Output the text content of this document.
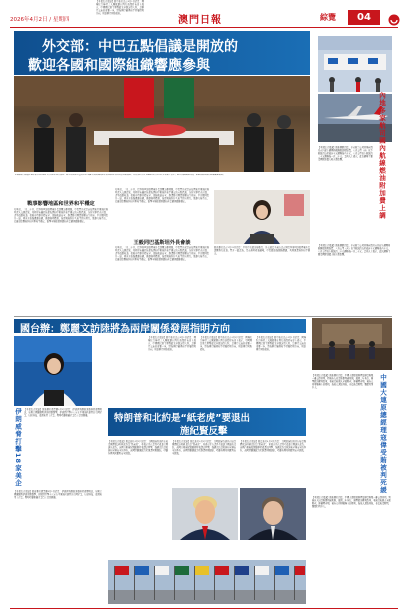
2026年4月2日 / 星期四	澳門日報	綜覽	04
外交部：中巴五點倡議是開放的
歡迎各國和國際組織響應參與
【本報綜合報道】據中新社北京4月1日及3月31日消息：針對中國和巴基斯坦發布關於恢復海灣和中東地區和平穩定的五點倡議，外交部發言人毛寧4月1日在例行記者會上表示，這份倡議是開放的，歡迎各國和國際組織響應參與。
戰事影響地區和世界和平穩定
王毅同巴基斯坦外長會談
毛寧說，三月二十日，巴基斯坦副總理兼外長達爾訪華期間，中巴雙方就當前海灣和中東地區局勢深入交換意見，共同發布關於恢復海灣和中東地區和平穩定的五點倡議，包括立即停火止戰、盡早啟動和談、保障非軍事目標安全、保障航道安全、維護聯合國憲章權威等內容。中方願同巴方一道，同各方加強溝通協調，推動局勢降溫，為實現地區持久和平作出努力。戰事久拖不決，已嚴重影響地區和世界和平穩定，衝擊全球能源供應和產業鏈供應鏈穩定。
毛寧說，三月二十日，巴基斯坦副總理兼外長達爾訪華期間，中巴雙方就當前海灣和中東地區局勢深入交換意見，共同發布關於恢復海灣和中東地區和平穩定的五點倡議，包括立即停火止戰、盡早啟動和談、保障非軍事目標安全、保障航道安全、維護聯合國憲章權威等內容。中方願同巴方一道，同各方加強溝通協調，推動局勢降溫，為實現地區持久和平作出努力。戰事久拖不決，已嚴重影響地區和世界和平穩定，衝擊全球能源供應和產業鏈供應鏈穩定。
毛寧說，三月二十日，巴基斯坦副總理兼外長達爾訪華期間，中巴雙方就當前海灣和中東地區局勢深入交換意見，共同發布關於恢復海灣和中東地區和平穩定的五點倡議，包括立即停火止戰、盡早啟動和談、保障非軍事目標安全、保障航道安全、維護聯合國憲章權威等內容。中方願同巴方一道，同各方加強溝通協調，推動局勢降溫，為實現地區持久和平作出努力。戰事久拖不決，已嚴重影響地區和世界和平穩定，衝擊全球能源供應和產業鏈供應鏈穩定。
據新華社北京3月31日消息：中共中央政治局委員、外交部長王毅在北京同巴基斯坦副總理兼外長達爾舉行會談。雙方一致認為，當前局勢複雜嚴峻，中巴應加強戰略溝通，共同維護地區和平穩定。
【本報綜合報道】據新華網消息，多家航空公司宣佈自四月五日起上調國內航線燃油附加費，八百公里（含）以下航段由每位旅客十元調整為六十元，八百公里以上航段由二十元調整為一百二十元。業內人士表示，此次調整主要受國際油價大幅上漲影響。	內地多家航司國內航線燃油附加費上調
【本報綜合報道】據新華網消息，多家航空公司宣佈自四月五日起上調國內航線燃油附加費，八百公里（含）以下航段由每位旅客十元調整為六十元，八百公里以上航段由二十元調整為一百二十元。業內人士表示，此次調整主要受國際油價大幅上漲影響。
國台辦：鄭麗文訪陸將為兩岸關係發展指明方向
【本報綜合報道】據中新社北京4月1日消息：國務院台辦發言人陳斌華在例行新聞發布會上表示，中國國民黨主席鄭麗文率團訪問大陸，是兩岸交流的重要一步，將為兩岸關係和平發展指明方向，增進兩岸同胞福祉。
【本報綜合報道】據中新社北京4月1日消息：國務院台辦發言人陳斌華在例行新聞發布會上表示，中國國民黨主席鄭麗文率團訪問大陸，是兩岸交流的重要一步，將為兩岸關係和平發展指明方向，增進兩岸同胞福祉。
【本報綜合報道】據中新社北京4月1日消息：國務院台辦發言人陳斌華在例行新聞發布會上表示，中國國民黨主席鄭麗文率團訪問大陸，是兩岸交流的重要一步，將為兩岸關係和平發展指明方向，增進兩岸同胞福祉。
【本報綜合報道】據中新社北京4月1日消息：國務院台辦發言人陳斌華在例行新聞發布會上表示，中國國民黨主席鄭麗文率團訪問大陸，是兩岸交流的重要一步，將為兩岸關係和平發展指明方向，增進兩岸同胞福祉。
【本報綜合報道】據新華社消息，中國大連原總經理寇偉受賄案一審公開宣判，對被告人以受賄罪判處死刑，緩期二年執行，剝奪政治權利終身，並處沒收個人全部財產。經審理查明，被告人利用職務上的便利，為他人謀取利益，非法收受財物，數額特別巨大。	中國大連原總經理寇偉受賄被判死緩
【本報綜合報道】據新華社消息，中國大連原總經理寇偉受賄案一審公開宣判，對被告人以受賄罪判處死刑，緩期二年執行，剝奪政治權利終身，並處沒收個人全部財產。經審理查明，被告人利用職務上的便利，為他人謀取利益，非法收受財物，數額特別巨大。
伊朗威脅打擊18家美企 【本報綜合報道】據新華社德黑蘭4月1日消息：伊朗伊斯蘭革命衛隊發表聲明說，如果美國繼續對伊朗發動襲擊，伊朗將打擊十八家在中東地區運營的美國企業，包括科技、能源和軍工企業。聲明呼籲相關企業員工盡快撤離。
【本報綜合報道】據新華社德黑蘭4月1日消息：伊朗伊斯蘭革命衛隊發表聲明說，如果美國繼續對伊朗發動襲擊，伊朗將打擊十八家在中東地區運營的美國企業，包括科技、能源和軍工企業。聲明呼籲相關企業員工盡快撤離。
特朗普和北約是“紙老虎”要退出
施紀賢反擊
【本報綜合報道】據法新社4月1日消息：美國總統特朗普在接受媒體採訪時稱北約是“紙老虎”，並表示正在認真考慮讓美國退出北約。英國首相施紀賢隨即發表講話回擊，強調北約是歐洲和全球安全的基石，英國將繼續致力於維護同盟團結，呼籲各國共同應對安全挑戰。
【本報綜合報道】據法新社4月1日消息：美國總統特朗普在接受媒體採訪時稱北約是“紙老虎”，並表示正在認真考慮讓美國退出北約。英國首相施紀賢隨即發表講話回擊，強調北約是歐洲和全球安全的基石，英國將繼續致力於維護同盟團結，呼籲各國共同應對安全挑戰。
【本報綜合報道】據法新社4月1日消息：美國總統特朗普在接受媒體採訪時稱北約是“紙老虎”，並表示正在認真考慮讓美國退出北約。英國首相施紀賢隨即發表講話回擊，強調北約是歐洲和全球安全的基石，英國將繼續致力於維護同盟團結，呼籲各國共同應對安全挑戰。
